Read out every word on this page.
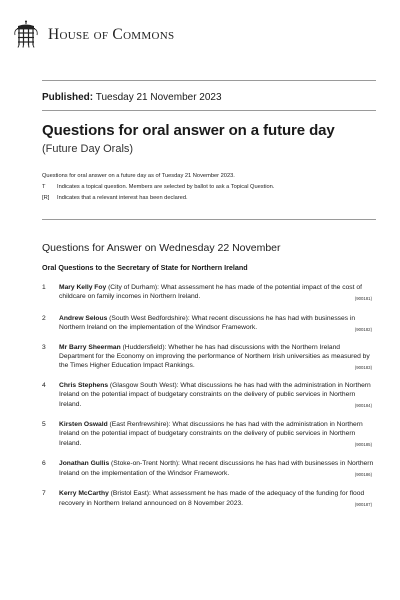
House of Commons
Published: Tuesday 21 November 2023
Questions for oral answer on a future day
(Future Day Orals)
Questions for oral answer on a future day as of Tuesday 21 November 2023.
T	Indicates a topical question. Members are selected by ballot to ask a Topical Question.
[R]	Indicates that a relevant interest has been declared.
Questions for Answer on Wednesday 22 November
Oral Questions to the Secretary of State for Northern Ireland
1 Mary Kelly Foy (City of Durham): What assessment he has made of the potential impact of the cost of childcare on family incomes in Northern Ireland.	(900181)
2 Andrew Selous (South West Bedfordshire): What recent discussions he has had with businesses in Northern Ireland on the implementation of the Windsor Framework.	(900182)
3 Mr Barry Sheerman (Huddersfield): Whether he has had discussions with the Northern Ireland Department for the Economy on improving the performance of Northern Irish universities as measured by the Times Higher Education Impact Rankings.	(900183)
4 Chris Stephens (Glasgow South West): What discussions he has had with the administration in Northern Ireland on the potential impact of budgetary constraints on the delivery of public services in Northern Ireland.	(900184)
5 Kirsten Oswald (East Renfrewshire): What discussions he has had with the administration in Northern Ireland on the potential impact of budgetary constraints on the delivery of public services in Northern Ireland.	(900185)
6 Jonathan Gullis (Stoke-on-Trent North): What recent discussions he has had with businesses in Northern Ireland on the implementation of the Windsor Framework.	(900186)
7 Kerry McCarthy (Bristol East): What assessment he has made of the adequacy of the funding for flood recovery in Northern Ireland announced on 8 November 2023.	(900187)
